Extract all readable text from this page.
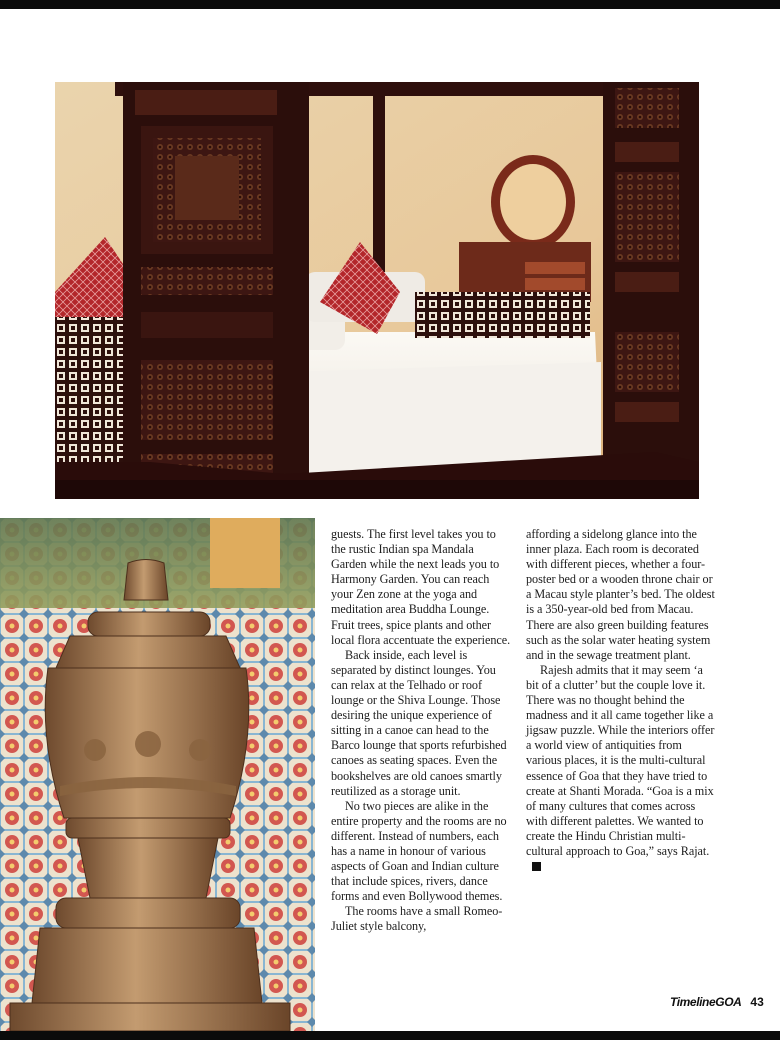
guests. The first level takes you to the rustic Indian spa Mandala Garden while the next leads you to Harmony Garden. You can reach your Zen zone at the yoga and meditation area Buddha Lounge. Fruit trees, spice plants and other local flora accentuate the experience.

Back inside, each level is separated by distinct lounges. You can relax at the Telhado or roof lounge or the Shiva Lounge. Those desiring the unique experience of sitting in a canoe can head to the Barco lounge that sports refurbished canoes as seating spaces. Even the bookshelves are old canoes smartly reutilized as a storage unit.

No two pieces are alike in the entire property and the rooms are no different. Instead of numbers, each has a name in honour of various aspects of Goan and Indian culture that include spices, rivers, dance forms and even Bollywood themes.

The rooms have a small Romeo-Juliet style balcony,

affording a sidelong glance into the inner plaza. Each room is decorated with different pieces, whether a four-poster bed or a wooden throne chair or a Macau style planter’s bed. The oldest is a 350-year-old bed from Macau. There are also green building features such as the solar water heating system and in the sewage treatment plant.

Rajesh admits that it may seem ‘a bit of a clutter’ but the couple love it. There was no thought behind the madness and it all came together like a jigsaw puzzle. While the interiors offer a world view of antiquities from various places, it is the multi-cultural essence of Goa that they have tried to create at Shanti Morada. “Goa is a mix of many cultures that comes across with different palettes. We wanted to create the Hindu Christian multi-cultural approach to Goa,” says Rajat.

TimelineGOA 43
